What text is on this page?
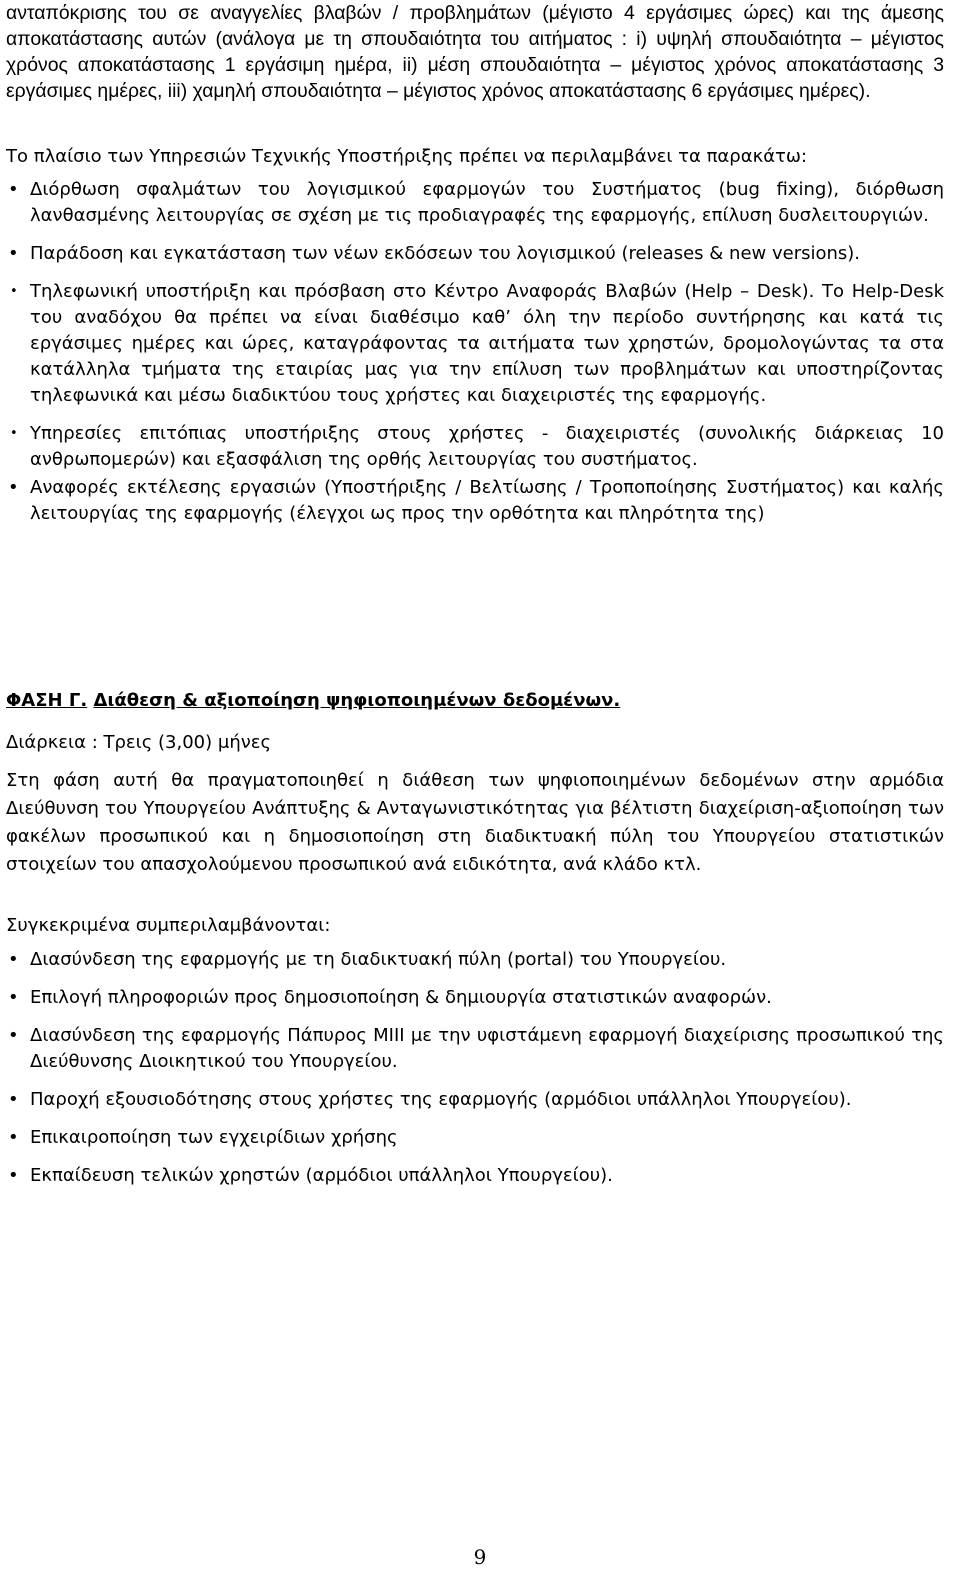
ανταπόκρισης του σε αναγγελίες βλαβών / προβλημάτων (μέγιστο 4 εργάσιμες ώρες) και της άμεσης αποκατάστασης αυτών (ανάλογα με τη σπουδαιότητα του αιτήματος : i) υψηλή σπουδαιότητα – μέγιστος χρόνος αποκατάστασης 1 εργάσιμη ημέρα, ii) μέση σπουδαιότητα – μέγιστος χρόνος αποκατάστασης 3 εργάσιμες ημέρες, iii) χαμηλή σπουδαιότητα – μέγιστος χρόνος αποκατάστασης 6 εργάσιμες ημέρες).

Το πλαίσιο των Υπηρεσιών Τεχνικής Υποστήριξης πρέπει να περιλαμβάνει τα παρακάτω:

• Διόρθωση σφαλμάτων του λογισμικού εφαρμογών του Συστήματος (bug fixing), διόρθωση λανθασμένης λειτουργίας σε σχέση με τις προδιαγραφές της εφαρμογής, επίλυση δυσλειτουργιών.
• Παράδοση και εγκατάσταση των νέων εκδόσεων του λογισμικού (releases & new versions).
• Τηλεφωνική υποστήριξη και πρόσβαση στο Κέντρο Αναφοράς Βλαβών (Help – Desk). Το Help-Desk του αναδόχου θα πρέπει να είναι διαθέσιμο καθ’ όλη την περίοδο συντήρησης και κατά τις εργάσιμες ημέρες και ώρες, καταγράφοντας τα αιτήματα των χρηστών, δρομολογώντας τα στα κατάλληλα τμήματα της εταιρίας μας για την επίλυση των προβλημάτων και υποστηρίζοντας τηλεφωνικά και μέσω διαδικτύου τους χρήστες και διαχειριστές της εφαρμογής.
• Υπηρεσίες επιτόπιας υποστήριξης στους χρήστες - διαχειριστές (συνολικής διάρκειας 10 ανθρωπομερών) και εξασφάλιση της ορθής λειτουργίας του συστήματος.
• Αναφορές εκτέλεσης εργασιών (Υποστήριξης / Βελτίωσης / Τροποποίησης Συστήματος) και καλής λειτουργίας της εφαρμογής (έλεγχοι ως προς την ορθότητα και πληρότητα της)
ΦΑΣΗ Γ. Διάθεση & αξιοποίηση ψηφιοποιημένων δεδομένων.
Διάρκεια : Τρεις (3,00) μήνες

Στη φάση αυτή θα πραγματοποιηθεί η διάθεση των ψηφιοποιημένων δεδομένων στην αρμόδια Διεύθυνση του Υπουργείου Ανάπτυξης & Ανταγωνιστικότητας για βέλτιστη διαχείριση-αξιοποίηση των φακέλων προσωπικού και η δημοσιοποίηση στη διαδικτυακή πύλη του Υπουργείου στατιστικών στοιχείων του απασχολούμενου προσωπικού ανά ειδικότητα, ανά κλάδο κτλ.

Συγκεκριμένα συμπεριλαμβάνονται:
• Διασύνδεση της εφαρμογής με τη διαδικτυακή πύλη (portal) του Υπουργείου.
• Επιλογή πληροφοριών προς δημοσιοποίηση & δημιουργία στατιστικών αναφορών.
• Διασύνδεση της εφαρμογής Πάπυρος ΜΙΙΙ με την υφιστάμενη εφαρμογή διαχείρισης προσωπικού της Διεύθυνσης Διοικητικού του Υπουργείου.
• Παροχή εξουσιοδότησης στους χρήστες της εφαρμογής (αρμόδιοι υπάλληλοι Υπουργείου).
• Επικαιροποίηση των εγχειρίδιων χρήσης
• Εκπαίδευση τελικών χρηστών (αρμόδιοι υπάλληλοι Υπουργείου).
9
